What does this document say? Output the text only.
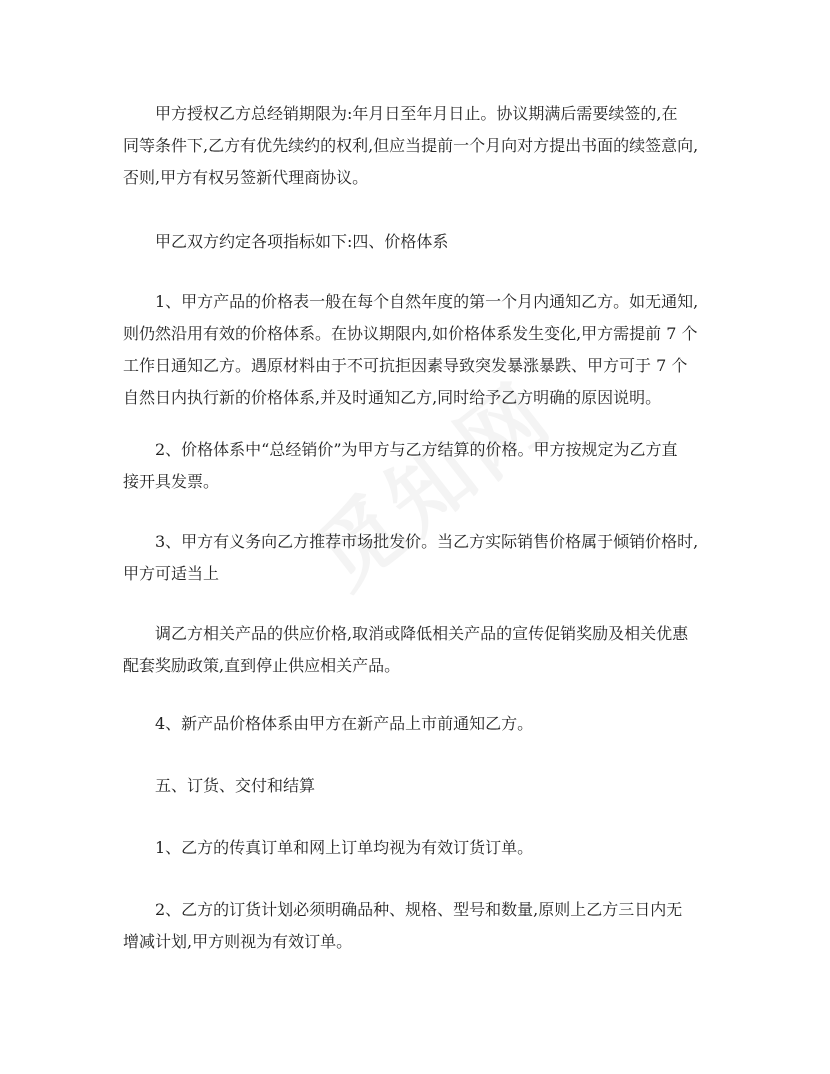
甲方授权乙方总经销期限为:年月日至年月日止。协议期满后需要续签的,在
同等条件下,乙方有优先续约的权利,但应当提前一个月向对方提出书面的续签意向,
否则,甲方有权另签新代理商协议。
甲乙双方约定各项指标如下:四、价格体系
1、甲方产品的价格表一般在每个自然年度的第一个月内通知乙方。如无通知,
则仍然沿用有效的价格体系。在协议期限内,如价格体系发生变化,甲方需提前 7 个
工作日通知乙方。遇原材料由于不可抗拒因素导致突发暴涨暴跌、甲方可于 7 个
自然日内执行新的价格体系,并及时通知乙方,同时给予乙方明确的原因说明。
2、价格体系中“总经销价”为甲方与乙方结算的价格。甲方按规定为乙方直
接开具发票。
3、甲方有义务向乙方推荐市场批发价。当乙方实际销售价格属于倾销价格时,
甲方可适当上
调乙方相关产品的供应价格,取消或降低相关产品的宣传促销奖励及相关优惠
配套奖励政策,直到停止供应相关产品。
4、新产品价格体系由甲方在新产品上市前通知乙方。
五、订货、交付和结算
1、乙方的传真订单和网上订单均视为有效订货订单。
2、乙方的订货计划必须明确品种、规格、型号和数量,原则上乙方三日内无
增减计划,甲方则视为有效订单。
